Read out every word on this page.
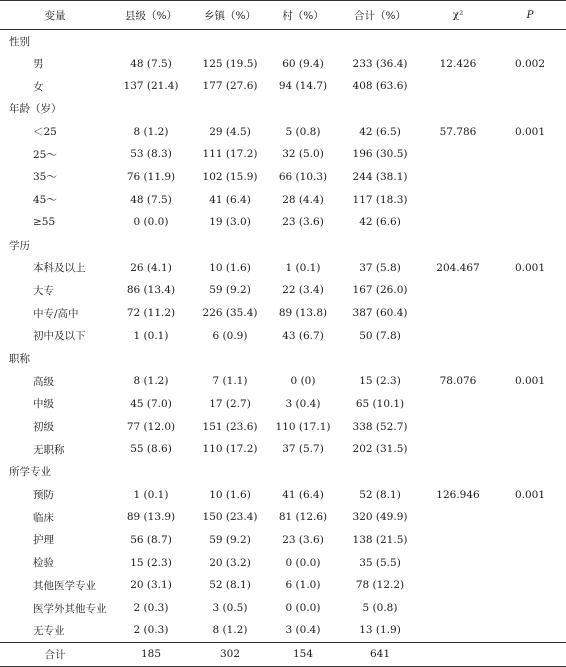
变量	县级（%）	乡镇（%）	村（%）	合计（%）	χ²	P
性别						
男	48 (7.5)	125 (19.5)	60 (9.4)	233 (36.4)	12.426	0.002
女	137 (21.4)	177 (27.6)	94 (14.7)	408 (63.6)		
年龄（岁）						
＜25	8 (1.2)	29 (4.5)	5 (0.8)	42 (6.5)	57.786	0.001
25～	53 (8.3)	111 (17.2)	32 (5.0)	196 (30.5)		
35～	76 (11.9)	102 (15.9)	66 (10.3)	244 (38.1)		
45～	48 (7.5)	41 (6.4)	28 (4.4)	117 (18.3)		
≥55	0 (0.0)	19 (3.0)	23 (3.6)	42 (6.6)		
学历						
本科及以上	26 (4.1)	10 (1.6)	1 (0.1)	37 (5.8)	204.467	0.001
大专	86 (13.4)	59 (9.2)	22 (3.4)	167 (26.0)		
中专/高中	72 (11.2)	226 (35.4)	89 (13.8)	387 (60.4)		
初中及以下	1 (0.1)	6 (0.9)	43 (6.7)	50 (7.8)		
职称						
高级	8 (1.2)	7 (1.1)	0 (0)	15 (2.3)	78.076	0.001
中级	45 (7.0)	17 (2.7)	3 (0.4)	65 (10.1)		
初级	77 (12.0)	151 (23.6)	110 (17.1)	338 (52.7)		
无职称	55 (8.6)	110 (17.2)	37 (5.7)	202 (31.5)		
所学专业						
预防	1 (0.1)	10 (1.6)	41 (6.4)	52 (8.1)	126.946	0.001
临床	89 (13.9)	150 (23.4)	81 (12.6)	320 (49.9)		
护理	56 (8.7)	59 (9.2)	23 (3.6)	138 (21.5)		
检验	15 (2.3)	20 (3.2)	0 (0.0)	35 (5.5)		
其他医学专业	20 (3.1)	52 (8.1)	6 (1.0)	78 (12.2)		
医学外其他专业	2 (0.3)	3 (0.5)	0 (0.0)	5 (0.8)		
无专业	2 (0.3)	8 (1.2)	3 (0.4)	13 (1.9)		
合计	185	302	154	641		
